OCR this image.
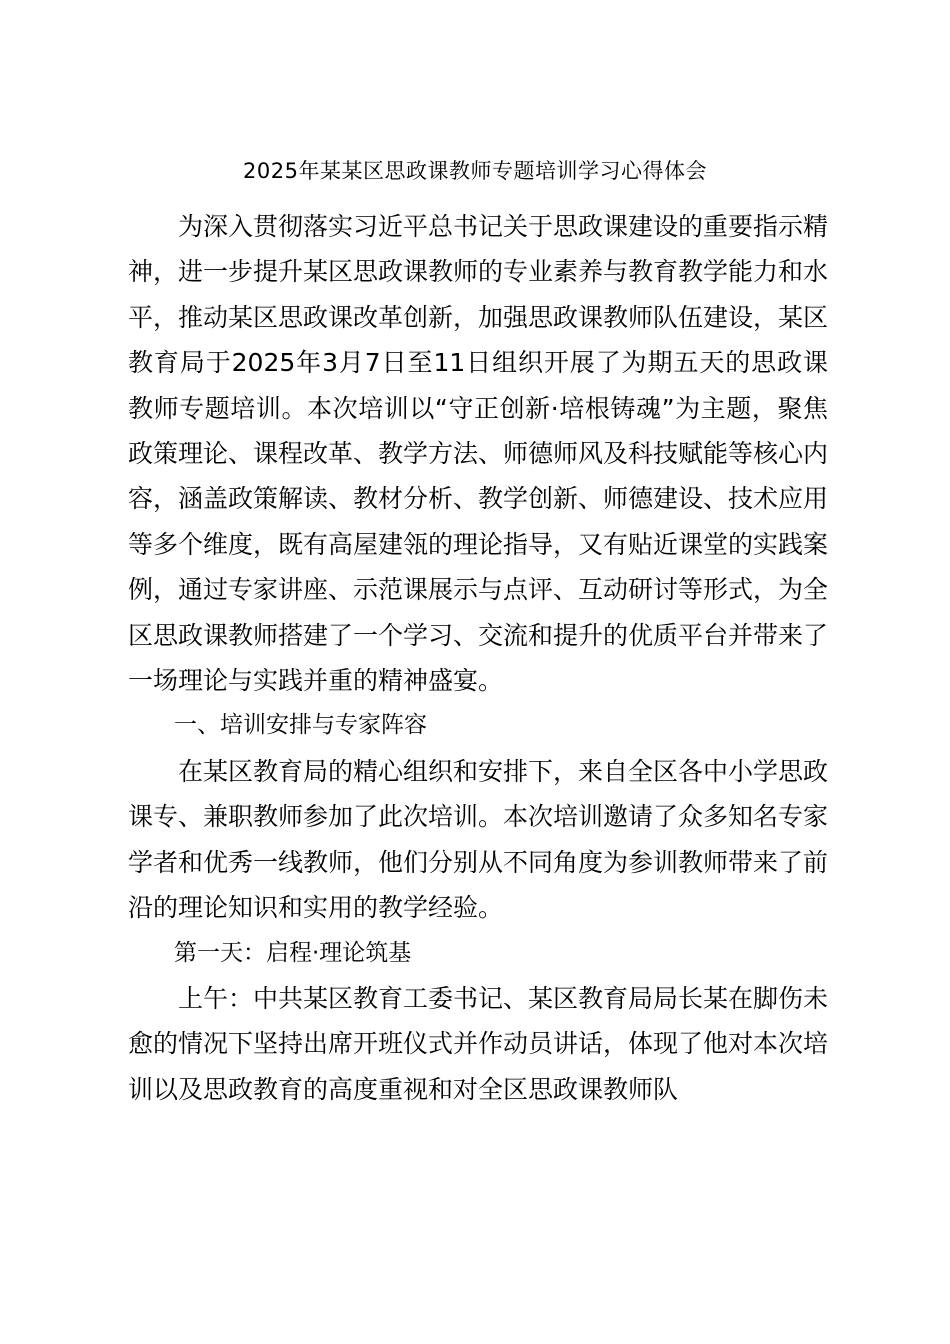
2025年某某区思政课教师专题培训学习心得体会

为深入贯彻落实习近平总书记关于思政课建设的重要指示精神，进一步提升某区思政课教师的专业素养与教育教学能力和水平，推动某区思政课改革创新，加强思政课教师队伍建设，某区教育局于2025年3月7日至11日组织开展了为期五天的思政课教师专题培训。本次培训以“守正创新·培根铸魂”为主题，聚焦政策理论、课程改革、教学方法、师德师风及科技赋能等核心内容，涵盖政策解读、教材分析、教学创新、师德建设、技术应用等多个维度，既有高屋建瓴的理论指导，又有贴近课堂的实践案例，通过专家讲座、示范课展示与点评、互动研讨等形式，为全区思政课教师搭建了一个学习、交流和提升的优质平台并带来了一场理论与实践并重的精神盛宴。

一、培训安排与专家阵容

在某区教育局的精心组织和安排下，来自全区各中小学思政课专、兼职教师参加了此次培训。本次培训邀请了众多知名专家学者和优秀一线教师，他们分别从不同角度为参训教师带来了前沿的理论知识和实用的教学经验。

第一天：启程·理论筑基

上午：中共某区教育工委书记、某区教育局局长某在脚伤未愈的情况下坚持出席开班仪式并作动员讲话，体现了他对本次培训以及思政教育的高度重视和对全区思政课教师队
